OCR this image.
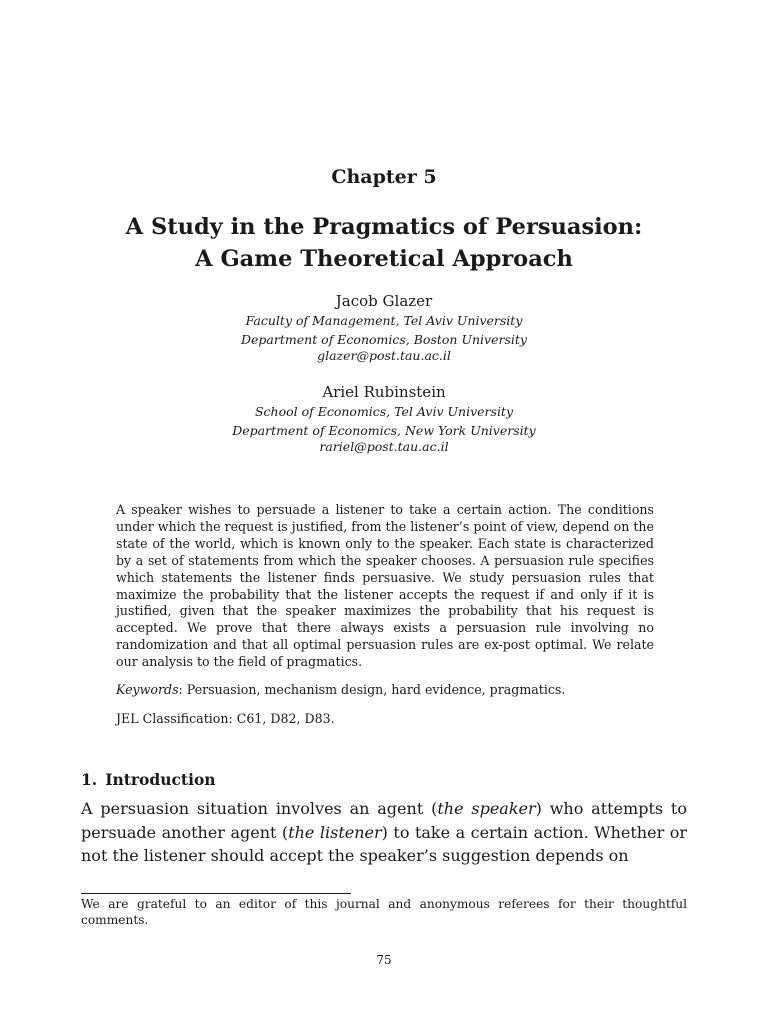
Chapter 5
A Study in the Pragmatics of Persuasion:
A Game Theoretical Approach
Jacob Glazer
Faculty of Management, Tel Aviv University
Department of Economics, Boston University
glazer@post.tau.ac.il
Ariel Rubinstein
School of Economics, Tel Aviv University
Department of Economics, New York University
rariel@post.tau.ac.il

A speaker wishes to persuade a listener to take a certain action. The conditions under which the request is justified, from the listener’s point of view, depend on the state of the world, which is known only to the speaker. Each state is characterized by a set of statements from which the speaker chooses. A persuasion rule specifies which statements the listener finds persuasive. We study persuasion rules that maximize the probability that the listener accepts the request if and only if it is justified, given that the speaker maximizes the probability that his request is accepted. We prove that there always exists a persuasion rule involving no randomization and that all optimal persuasion rules are ex-post optimal. We relate our analysis to the field of pragmatics.

Keywords: Persuasion, mechanism design, hard evidence, pragmatics.
JEL Classification: C61, D82, D83.
1. Introduction

A persuasion situation involves an agent (the speaker) who attempts to persuade another agent (the listener) to take a certain action. Whether or not the listener should accept the speaker’s suggestion depends on

We are grateful to an editor of this journal and anonymous referees for their thoughtful comments.
75
